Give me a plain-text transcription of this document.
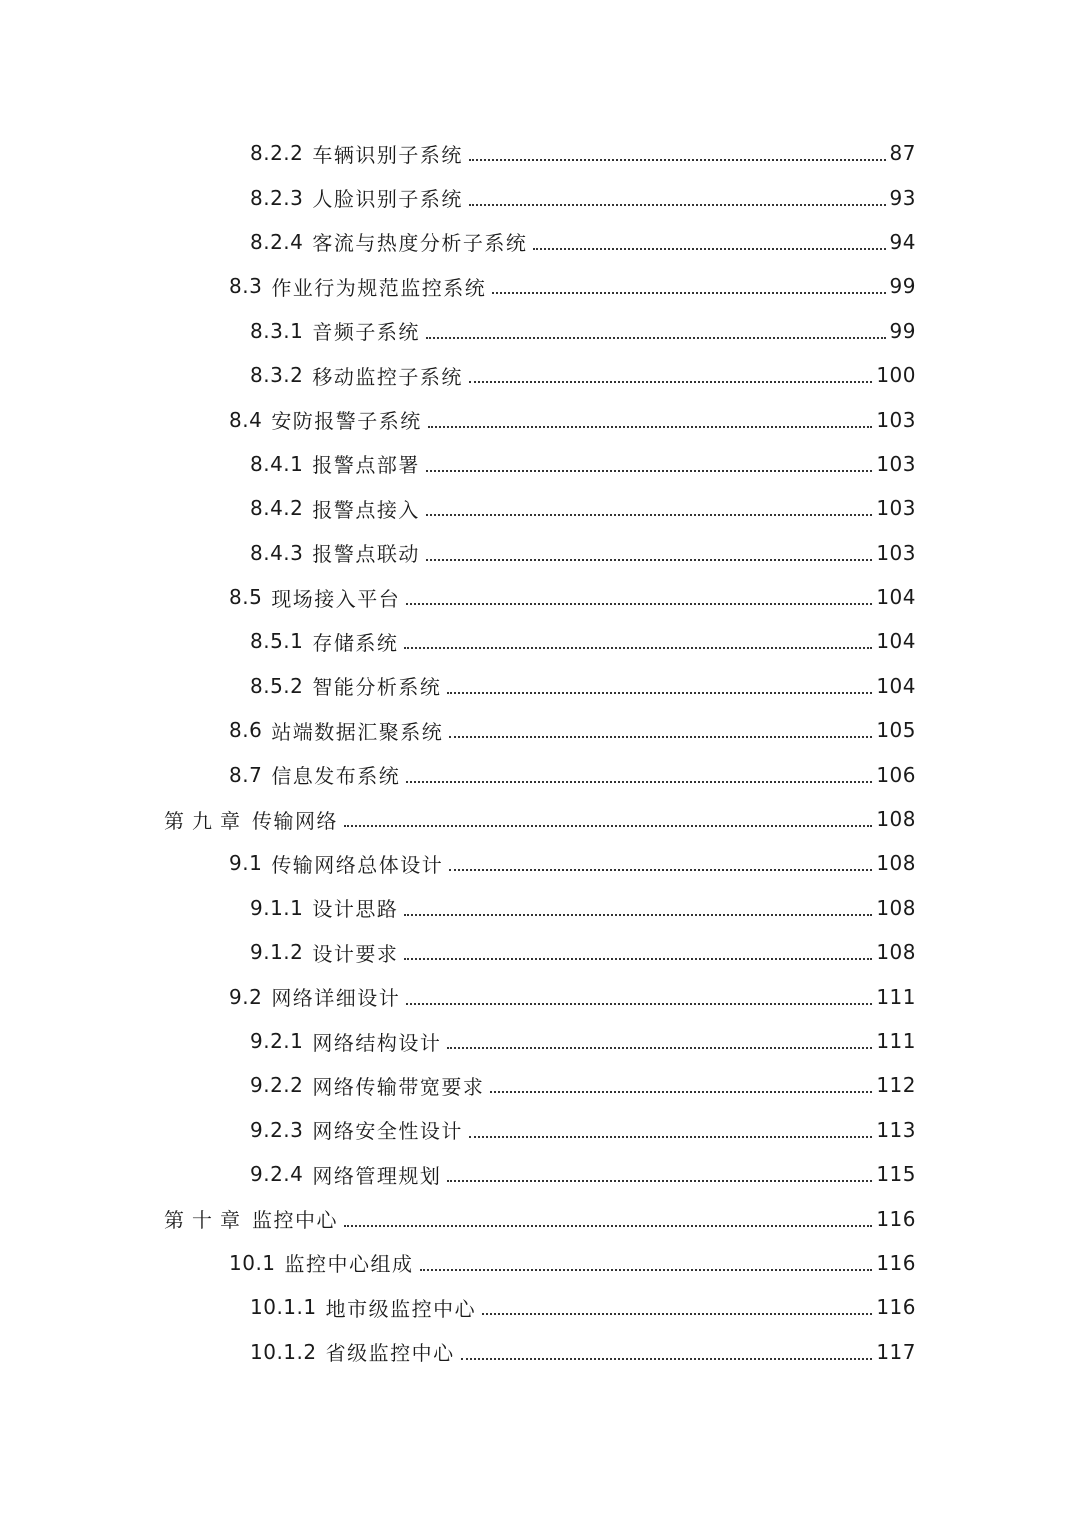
8.2.2 车辆识别子系统	87
8.2.3 人脸识别子系统	93
8.2.4 客流与热度分析子系统	94
8.3 作业行为规范监控系统	99
8.3.1 音频子系统	99
8.3.2 移动监控子系统	100
8.4 安防报警子系统	103
8.4.1 报警点部署	103
8.4.2 报警点接入	103
8.4.3 报警点联动	103
8.5 现场接入平台	104
8.5.1 存储系统	104
8.5.2 智能分析系统	104
8.6 站端数据汇聚系统	105
8.7 信息发布系统	106
第九章 传输网络	108
9.1 传输网络总体设计	108
9.1.1 设计思路	108
9.1.2 设计要求	108
9.2 网络详细设计	111
9.2.1 网络结构设计	111
9.2.2 网络传输带宽要求	112
9.2.3 网络安全性设计	113
9.2.4 网络管理规划	115
第十章 监控中心	116
10.1 监控中心组成	116
10.1.1 地市级监控中心	116
10.1.2 省级监控中心	117
